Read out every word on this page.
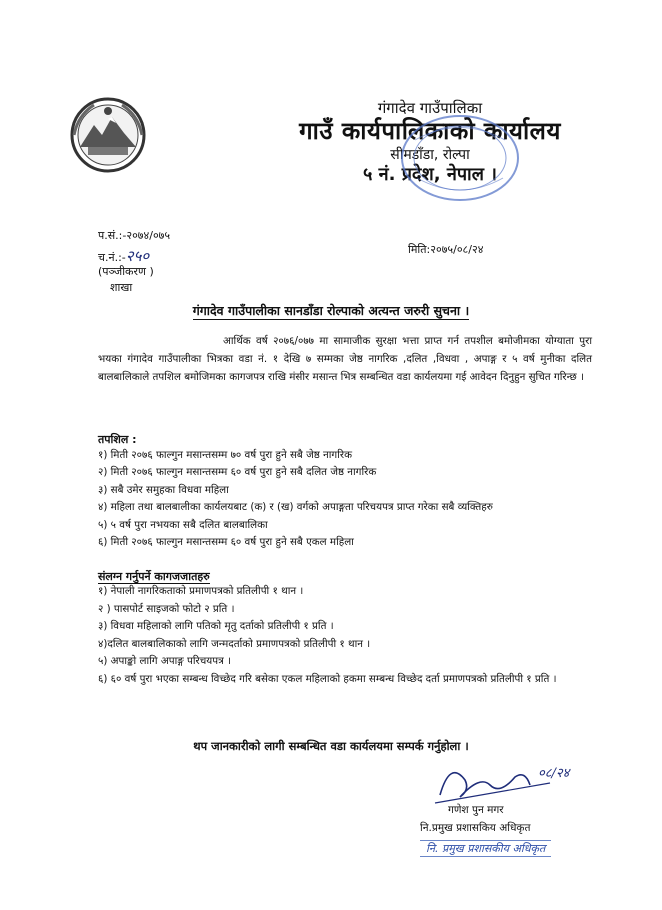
गंगादेव गाउँपालिका
गाउँ कार्यपालिकाको कार्यालय
सीमडाँडा, रोल्पा
५ नं. प्रदेश, नेपाल ।
प.सं.:-२०७४/०७५
च.नं.:-२५०
(पञ्जीकरण )
शाखा
मिति:२०७५/०८/२४
गंगादेव गाउँपालीका सानडाँडा रोल्पाको अत्यन्त जरुरी सुचना ।
आर्थिक वर्ष २०७६/०७७ मा सामाजीक सुरक्षा भत्ता प्राप्त गर्न तपशील बमोजीमका योग्याता पुरा भयका गंगादेव गाउँपालीका भित्रका वडा नं. १ देखि ७ सम्मका जेष्ठ नागरिक ,दलित ,विधवा , अपाङ्ग र ५ वर्ष मुनीका दलित बालबालिकाले तपशिल बमोजिमका कागजपत्र राखि मंसीर मसान्त भित्र सम्बन्धित वडा कार्यलयमा गई आवेदन दिनुहुन सुचित गरिन्छ ।
तपशिल :
१) मिती २०७६ फाल्गुन मसान्तसम्म ७० वर्ष पुरा हुने सबै जेष्ठ नागरिक
२) मिती २०७६ फाल्गुन मसान्तसम्म ६० वर्ष पुरा हुने सबै दलित जेष्ठ नागरिक
३) सबै उमेर समुहका विधवा महिला
४) महिला तथा बालबालीका कार्यलयबाट (क) र (ख) वर्गको अपाङ्गता परिचयपत्र प्राप्त गरेका सबै व्यक्तिहरु
५) ५ वर्ष पुरा नभयका सबै दलित बालबालिका
६) मिती २०७६ फाल्गुन मसान्तसम्म ६० वर्ष पुरा हुने सबै एकल महिला
संलग्न गर्नुपर्ने कागजजातहरु
१) नेपाली नागरिकताको प्रमाणपत्रको प्रतिलीपी १ थान ।
२ ) पासपोर्ट साइजको फोटो २ प्रति ।
३) विधवा महिलाको लागि पतिको मृतु दर्ताको प्रतिलीपी १ प्रति ।
४)दलित बालबालिकाको लागि जन्मदर्ताको प्रमाणपत्रको प्रतिलीपी १ थान ।
५) अपाङ्को लागि अपाङ्ग परिचयपत्र ।
६) ६० वर्ष पुरा भएका सम्बन्ध विच्छेद गरि बसेका एकल महिलाको हकमा सम्बन्ध विच्छेद दर्ता प्रमाणपत्रको प्रतिलीपी १ प्रति ।
थप जानकारीको लागी सम्बन्धित वडा कार्यलयमा सम्पर्क गर्नुहोला ।
०८/२४
गणेश पुन मगर
नि.प्रमुख प्रशासकिय अधिकृत
नि. प्रमुख प्रशासकीय अधिकृत
